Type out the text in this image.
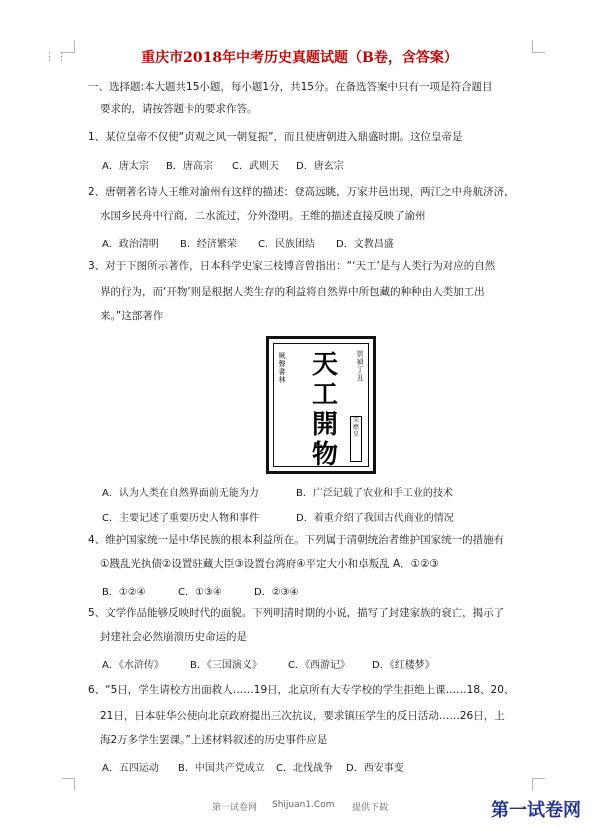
⋮⋮	重庆市2018年中考历史真题试题（B卷，含答案）
一、选择题:本大题共15小题，每小题1分，共15分。在备选答案中只有一项是符合题目
要求的，请按答题卡的要求作答。
1、某位皇帝不仅使“贞观之风一朝复振”，而且使唐朝进入鼎盛时期。这位皇帝是
A．唐太宗 B．唐高宗 C．武则天 D．唐玄宗
2、唐朝著名诗人王维对渝州有这样的描述：登高远眺，万家井邑出现，两江之中舟航济济，
水国乡民舟中行商，二水流过，分外澄明。王维的描述直接反映了渝州
A．政治清明 B．经济繁荣 C．民族团结 D．文教昌盛
3、对于下图所示著作，日本科学史家三枝博音曾指出：“‘天工’是与人类行为对应的自然
界的行为，而‘开物’则是根据人类生存的利益将自然界中所包藏的种种由人类加工出
来。”这部著作
厥聲書林
崇禎丁丑
天
工
開
物
宋應星
A．认为人类在自然界面前无能为力	B．广泛记载了农业和手工业的技术
C．主要记述了重要历史人物和事件	D．着重介绍了我国古代商业的情况
4、维护国家统一是中华民族的根本利益所在。下列属于清朝统治者维护国家统一的措施有
①戡乱光执债②设置驻藏大臣③设置台湾府④平定大小和卓叛乱 A．①②③
B．①②④	C．①③④	D．②③④
5、文学作品能够反映时代的面貌。下列明清时期的小说，描写了封建家族的衰亡，揭示了
封建社会必然崩溃历史命运的是
A．《水浒传》	B．《三国演义》	C．《西游记》 D．《红楼梦》
6、“5日，学生请校方出面救人……19日，北京所有大专学校的学生拒绝上课……18、20、
21日，日本驻华公使向北京政府提出三次抗议，要求镇压学生的反日活动……26日，上
海2万多学生罢课。”上述材料叙述的历史事件应是
A．五四运动 B．中国共产党成立 C．北伐战争 D．西安事变
第一试卷网 Shijuan1.Com 提供下载	第一试卷网
